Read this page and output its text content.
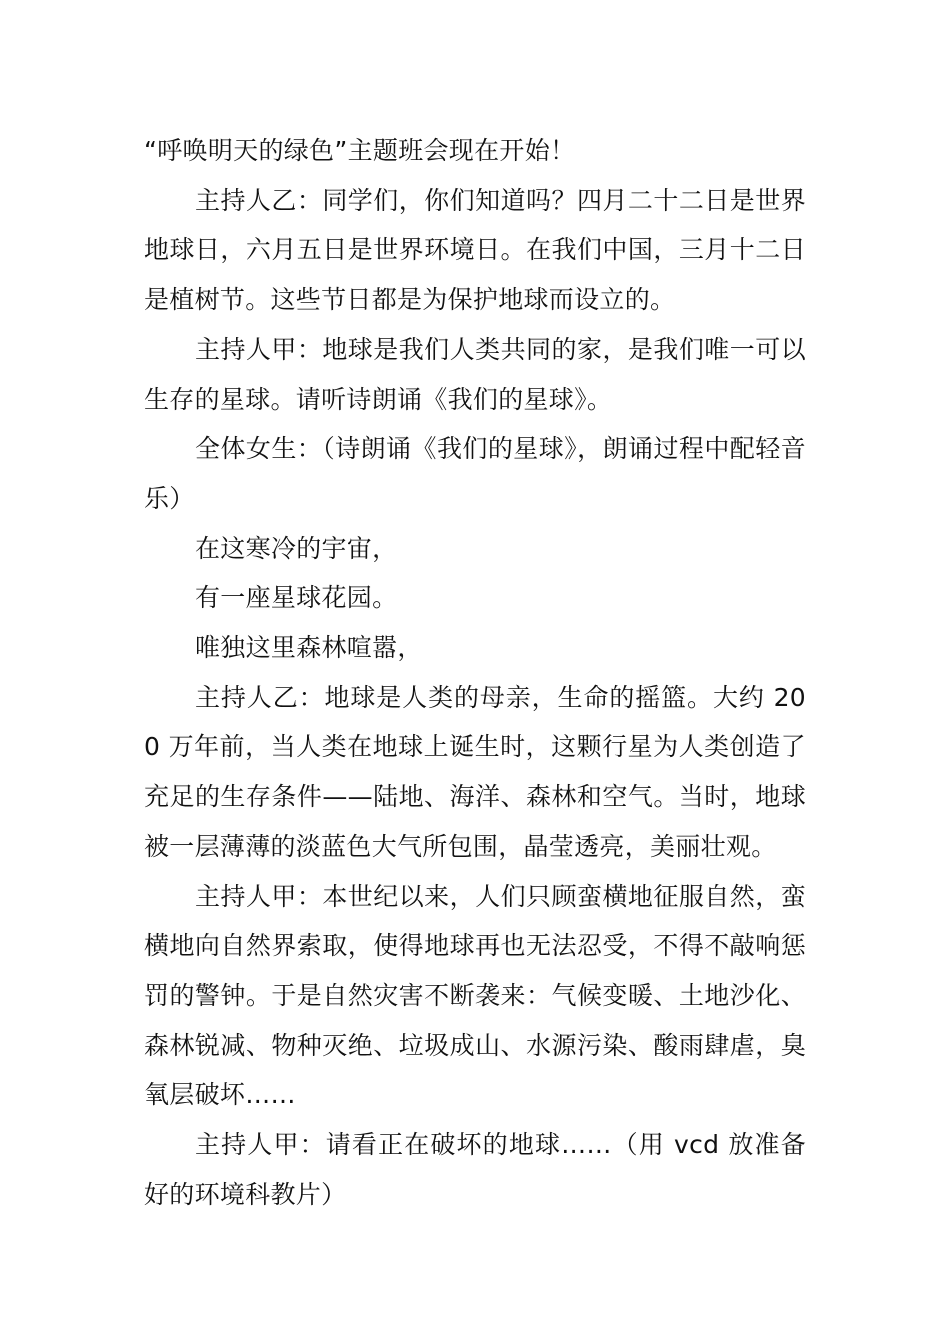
“呼唤明天的绿色”主题班会现在开始！

主持人乙：同学们，你们知道吗？四月二十二日是世界地球日，六月五日是世界环境日。在我们中国，三月十二日是植树节。这些节日都是为保护地球而设立的。

主持人甲：地球是我们人类共同的家，是我们唯一可以生存的星球。请听诗朗诵《我们的星球》。

全体女生：（诗朗诵《我们的星球》，朗诵过程中配轻音乐）

在这寒冷的宇宙，

有一座星球花园。

唯独这里森林喧嚣，

主持人乙：地球是人类的母亲，生命的摇篮。大约 200 万年前，当人类在地球上诞生时，这颗行星为人类创造了充足的生存条件——陆地、海洋、森林和空气。当时，地球被一层薄薄的淡蓝色大气所包围，晶莹透亮，美丽壮观。

主持人甲：本世纪以来，人们只顾蛮横地征服自然，蛮横地向自然界索取，使得地球再也无法忍受，不得不敲响惩罚的警钟。于是自然灾害不断袭来：气候变暖、土地沙化、森林锐减、物种灭绝、垃圾成山、水源污染、酸雨肆虐，臭氧层破坏……

主持人甲：请看正在破坏的地球……（用 vcd 放准备好的环境科教片）
